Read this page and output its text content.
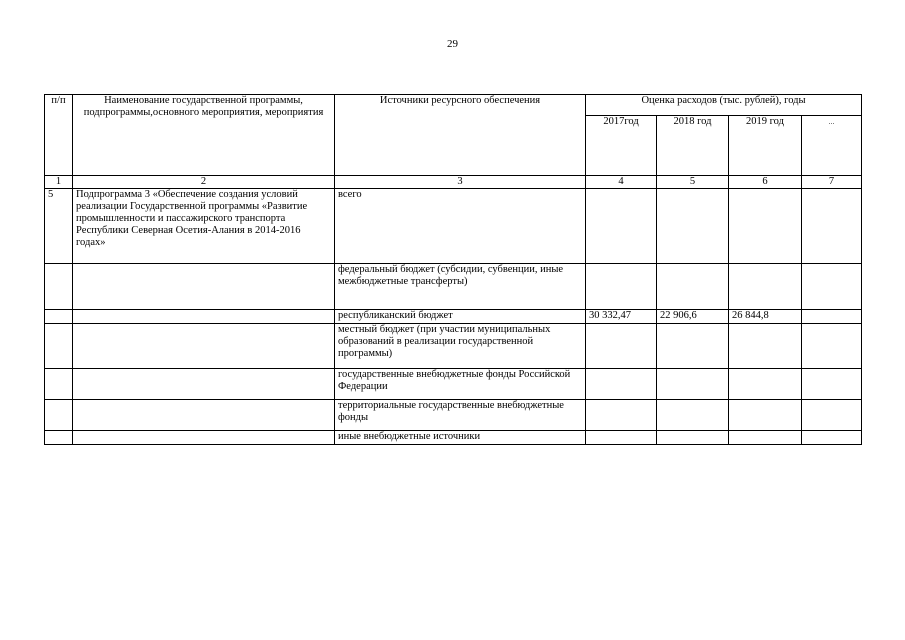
29
п/п	Наименование государственной программы, подпрограммы,основного мероприятия, мероприятия	Источники ресурсного обеспечения	Оценка расходов (тыс. рублей), годы			
			2017год	2018 год	2019 год	...
1	2	3	4	5	6	7
5	Подпрограмма 3 «Обеспечение создания условий реализации Государственной программы «Развитие промышленности и пассажирского транспорта Республики Северная Осетия-Алания в 2014-2016 годах»	всего				
		федеральный бюджет (субсидии, субвенции, иные межбюджетные трансферты)				
		республиканский бюджет	30 332,47	22 906,6	26 844,8	
		местный бюджет (при участии муниципальных образований в реализации государственной программы)				
		государственные внебюджетные фонды Российской Федерации				
		территориальные государственные внебюджетные фонды				
		иные внебюджетные источники				
